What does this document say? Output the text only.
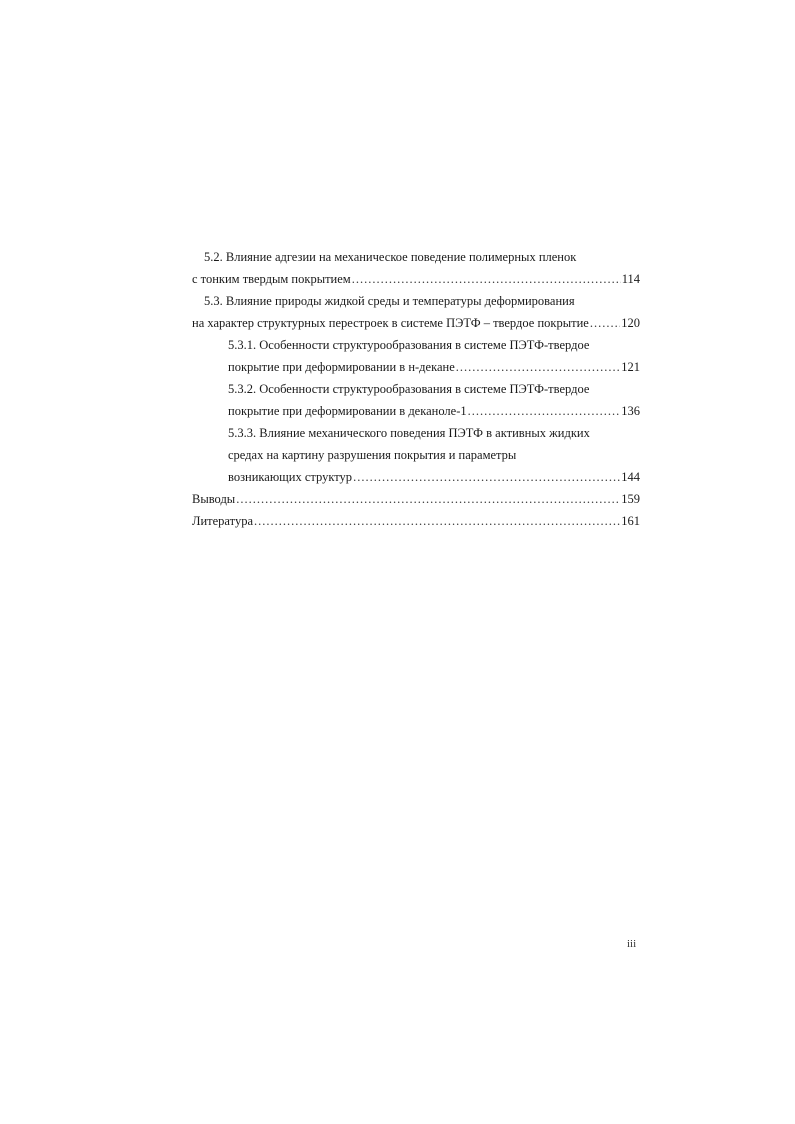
5.2. Влияние адгезии на механическое поведение полимерных пленок
с тонким твердым покрытием .....	114
5.3. Влияние природы жидкой среды и температуры деформирования
на характер структурных перестроек в системе ПЭТФ – твердое покрытие .....	120
5.3.1. Особенности структурообразования в системе ПЭТФ-твердое
покрытие при деформировании в н-декане .....	121
5.3.2. Особенности структурообразования в системе ПЭТФ-твердое
покрытие при деформировании в деканоле-1 .....	136
5.3.3. Влияние механического поведения ПЭТФ в активных жидких
средах на картину разрушения покрытия и параметры
возникающих структур .....	144
Выводы .....	159
Литература .....	161
iii
